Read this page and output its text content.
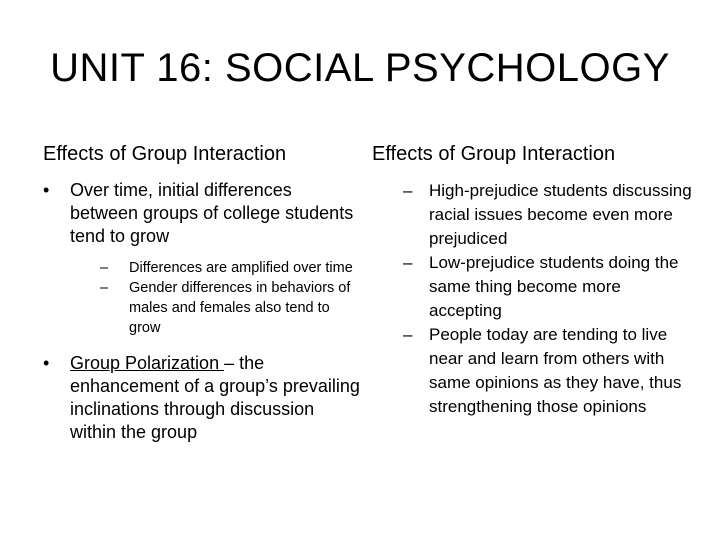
UNIT 16: SOCIAL PSYCHOLOGY
Effects of Group Interaction
•	Over time, initial differences between groups of college students tend to grow
–	Differences are amplified over time
–	Gender differences in behaviors of males and females also tend to grow
•	Group Polarization – the enhancement of a group’s prevailing inclinations through discussion within the group
Effects of Group Interaction
– High-prejudice students discussing racial issues become even more prejudiced
– Low-prejudice students doing the same thing become more accepting
– People today are tending to live near and learn from others with same opinions as they have, thus strengthening those opinions
